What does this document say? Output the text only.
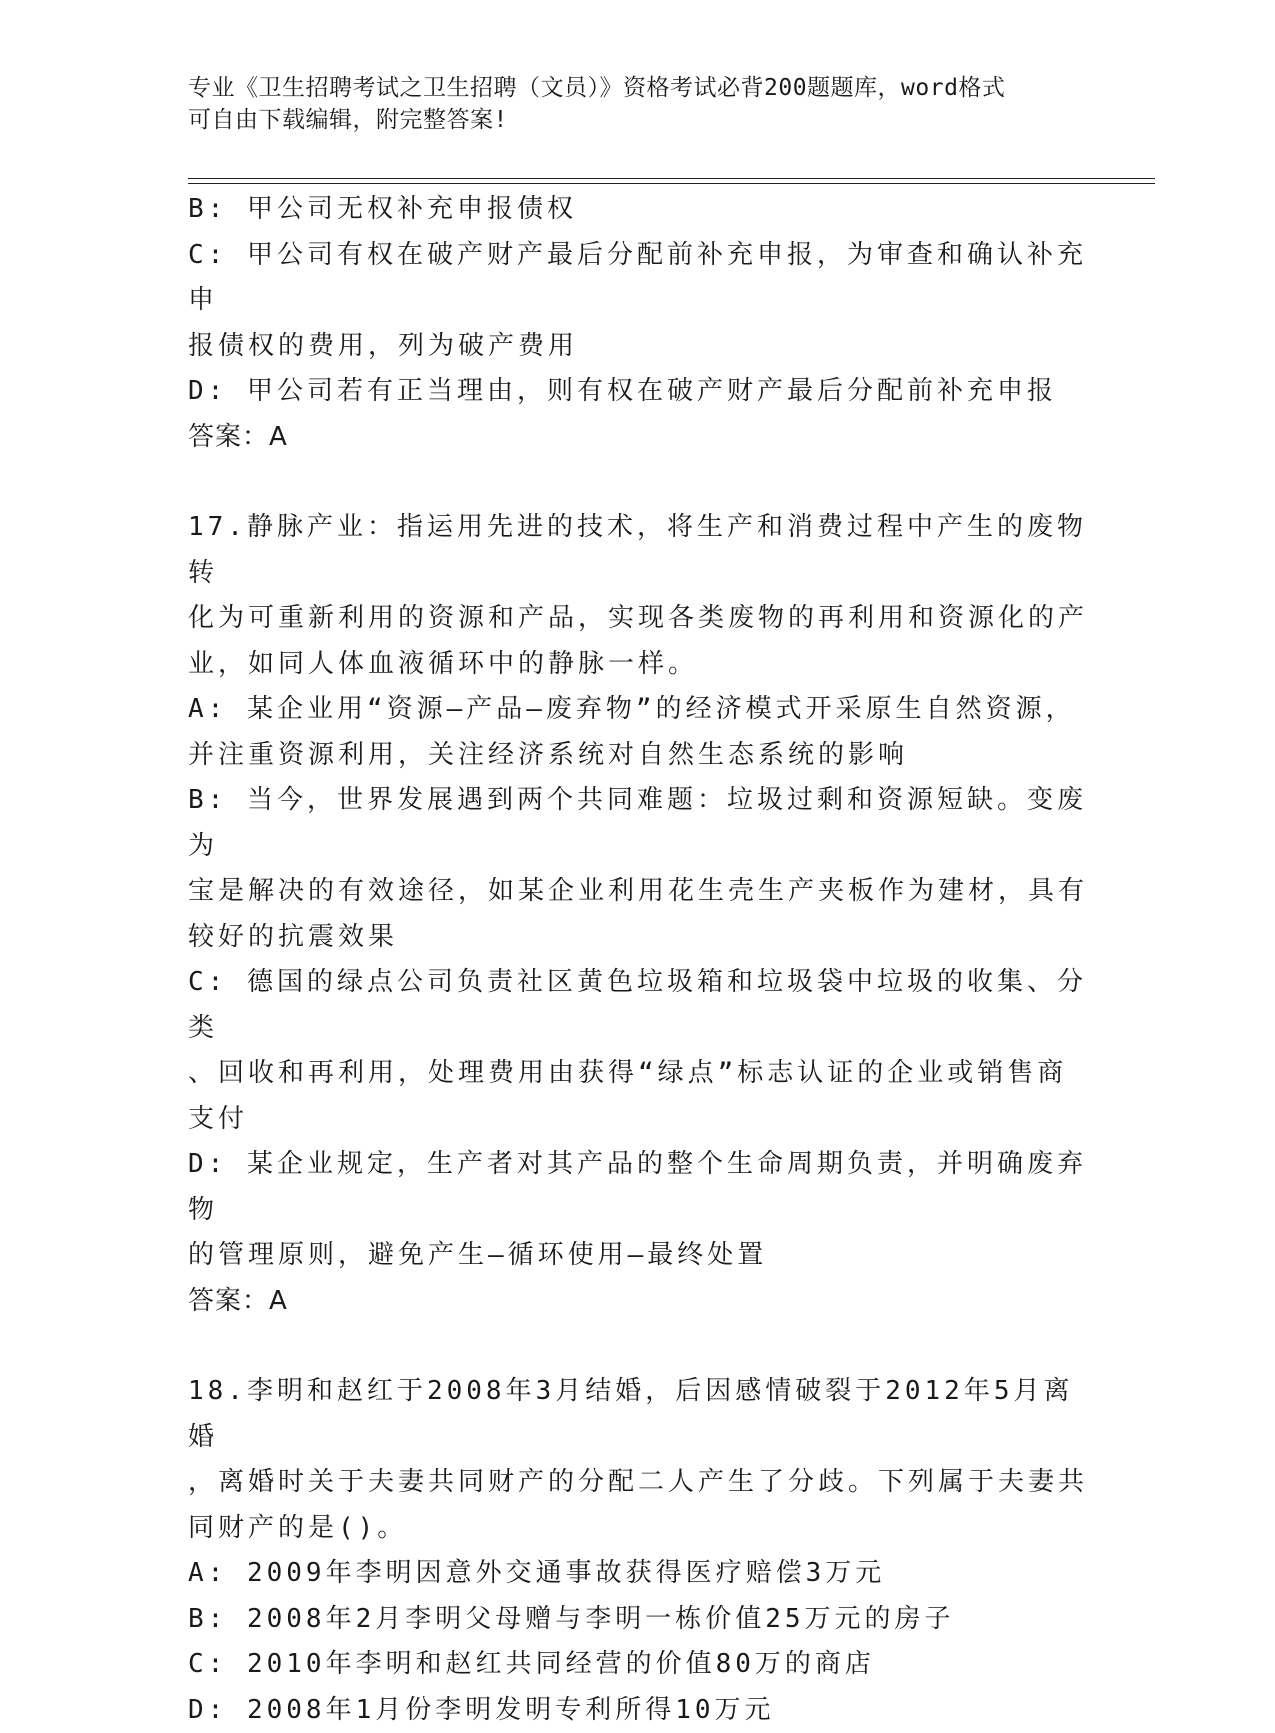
专业《卫生招聘考试之卫生招聘（文员）》资格考试必背200题题库，word格式
可自由下载编辑，附完整答案!

B: 甲公司无权补充申报债权

C: 甲公司有权在破产财产最后分配前补充申报，为审查和确认补充申

报债权的费用，列为破产费用

D: 甲公司若有正当理由，则有权在破产财产最后分配前补充申报

答案：A

17.静脉产业：指运用先进的技术，将生产和消费过程中产生的废物转

化为可重新利用的资源和产品，实现各类废物的再利用和资源化的产

业，如同人体血液循环中的静脉一样。

A: 某企业用“资源—产品—废弃物”的经济模式开采原生自然资源，

并注重资源利用，关注经济系统对自然生态系统的影响

B: 当今，世界发展遇到两个共同难题：垃圾过剩和资源短缺。变废为

宝是解决的有效途径，如某企业利用花生壳生产夹板作为建材，具有

较好的抗震效果

C: 德国的绿点公司负责社区黄色垃圾箱和垃圾袋中垃圾的收集、分类

、回收和再利用，处理费用由获得“绿点”标志认证的企业或销售商

支付

D: 某企业规定，生产者对其产品的整个生命周期负责，并明确废弃物

的管理原则，避免产生—循环使用—最终处置

答案：A

18.李明和赵红于2008年3月结婚，后因感情破裂于2012年5月离婚

，离婚时关于夫妻共同财产的分配二人产生了分歧。下列属于夫妻共

同财产的是()。

A: 2009年李明因意外交通事故获得医疗赔偿3万元

B: 2008年2月李明父母赠与李明一栋价值25万元的房子

C: 2010年李明和赵红共同经营的价值80万的商店

D: 2008年1月份李明发明专利所得10万元
